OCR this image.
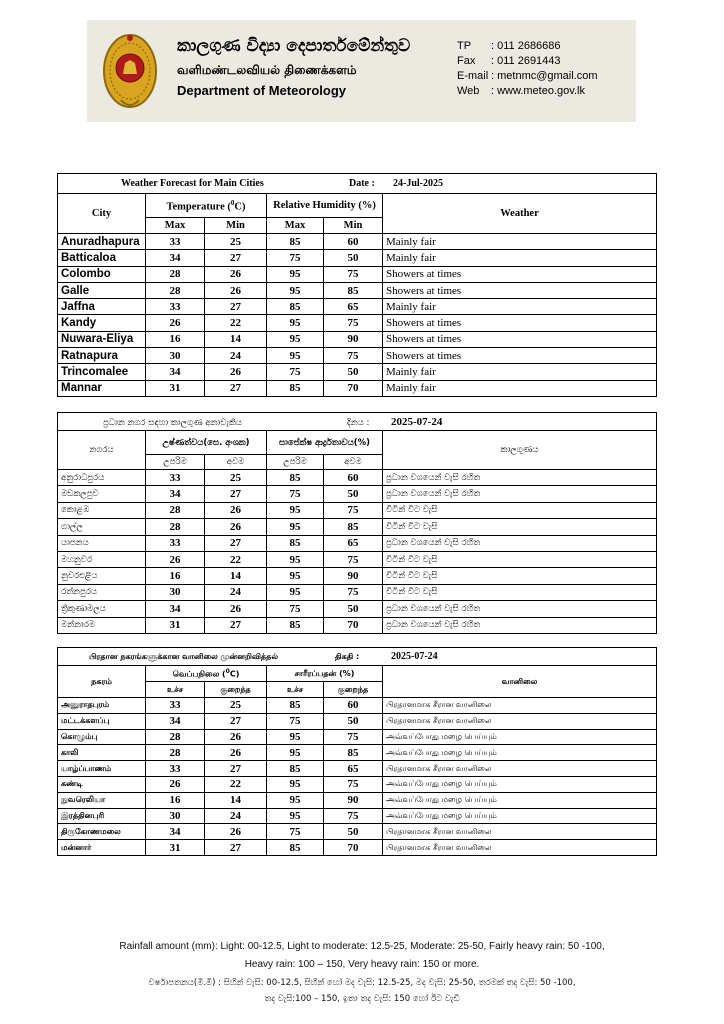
කාලගුණ විද්‍යා දෙපාර්තමේන්තුව
வளிமண்டலவியல் திணைக்களம்
Department of Meteorology
TP	: 011 2686686
Fax	: 011 2691443
E-mail : metnmc@gmail.com
Web	: www.meteo.gov.lk
Weather Forecast for Main Cities Date : 24-Jul-2025					
City	Temperature ($^0$C)		Relative Humidity (%)		Weather
	Max	Min	Max	Min	
Anuradhapura	33	25	85	60	Mainly fair
Batticaloa	34	27	75	50	Mainly fair
Colombo	28	26	95	75	Showers at times
Galle	28	26	95	85	Showers at times
Jaffna	33	27	85	65	Mainly fair
Kandy	26	22	95	75	Showers at times
Nuwara-Eliya	16	14	95	90	Showers at times
Ratnapura	30	24	95	75	Showers at times
Trincomalee	34	26	75	50	Mainly fair
Mannar	31	27	85	70	Mainly fair
ප්‍රධාන නගර සඳහා කාලගුණ අනාවැකිය දිනය : 2025-07-24					
නගරය	උෂ්ණත්වය(සෙ. අංශක)		සාපේක්ෂ ආර්ද්‍රතාවය(%)		කාලගුණය
	උපරිම	අවම	උපරිම	අවම	
අනුරාධපුරය	33	25	85	60	ප්‍රධාන වශයෙන් වැසි රහිත
මඩකලපුව	34	27	75	50	ප්‍රධාන වශයෙන් වැසි රහිත
කොළඹ	28	26	95	75	විටින් විට වැසි
ගාල්ල	28	26	95	85	විටින් විට වැසි
යාපනය	33	27	85	65	ප්‍රධාන වශයෙන් වැසි රහිත
මහනුවර	26	22	95	75	විටින් විට වැසි
නුවරඑළිය	16	14	95	90	විටින් විට වැසි
රත්නපුරය	30	24	95	75	විටින් විට වැසි
ත්‍රිකුණාමලය	34	26	75	50	ප්‍රධාන වශයෙන් වැසි රහිත
මන්නාරම	31	27	85	70	ප්‍රධාන වශයෙන් වැසි රහිත
பிரதான நகரங்களுக்கான வானிலை முன்னறிவித்தல் திகதி : 2025-07-24					
நகரம்	வெப்பநிலை ($^0$C)		சாரீரப்பதன் (%)		வானிலை
	உச்ச	குறைந்த	உச்ச	குறைந்த	
அனுராதபுரம்	33	25	85	60	பிரதானமாக சீரான வானிலை
மட்டக்களப்பு	34	27	75	50	பிரதானமாக சீரான வானிலை
கொழும்பு	28	26	95	75	அவ்வப்போது மழை பெய்யும்
காலி	28	26	95	85	அவ்வப்போது மழை பெய்யும்
யாழ்ப்பாணம்	33	27	85	65	பிரதானமாக சீரான வானிலை
கண்டி	26	22	95	75	அவ்வப்போது மழை பெய்யும்
நுவரெலியா	16	14	95	90	அவ்வப்போது மழை பெய்யும்
இரத்தினபுரி	30	24	95	75	அவ்வப்போது மழை பெய்யும்
திருகோணமலை	34	26	75	50	பிரதானமாக சீரான வானிலை
மன்னார்	31	27	85	70	பிரதானமாக சீரான வானிலை
Rainfall amount (mm): Light: 00-12.5, Light to moderate: 12.5-25, Moderate: 25-50, Fairly heavy rain: 50 -100,
Heavy rain: 100 – 150, Very heavy rain: 150 or more.
වර්ෂාපතනය(මි.මී) : සිහින් වැසි: 00-12.5, සිහින් හෝ මද වැසි: 12.5-25, මද වැසි: 25-50, තරමක් තද වැසි: 50 -100,
තද වැසි:100 – 150, ඉතා තද වැසි: 150 හෝ ඊට වැඩි
